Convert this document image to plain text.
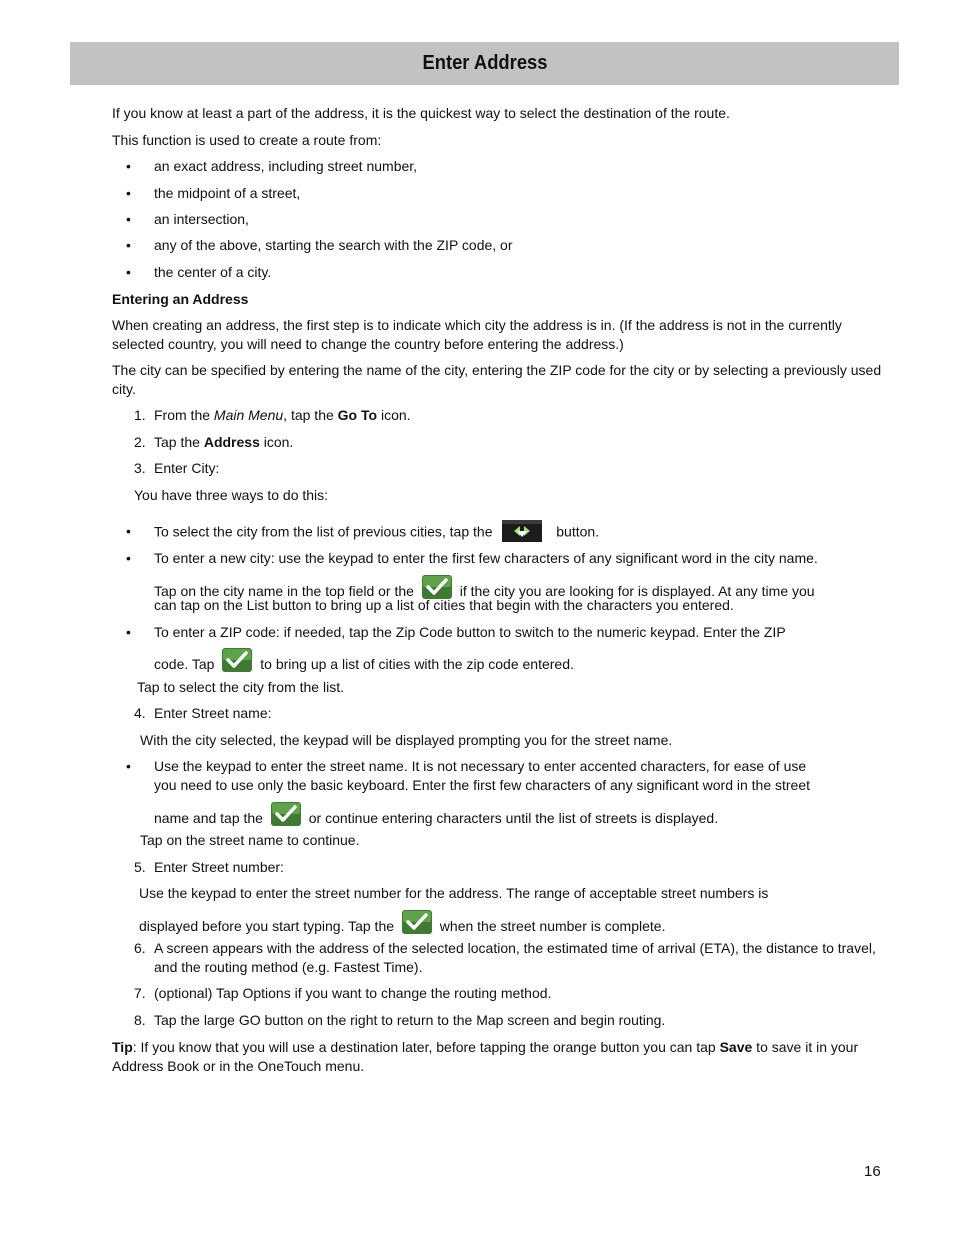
Enter Address
If you know at least a part of the address, it is the quickest way to select the destination of the route.
This function is used to create a route from:
• an exact address, including street number,
• the midpoint of a street,
• an intersection,
• any of the above, starting the search with the ZIP code, or
• the center of a city.
Entering an Address
When creating an address, the first step is to indicate which city the address is in. (If the address is not in the currently selected country, you will need to change the country before entering the address.)
The city can be specified by entering the name of the city, entering the ZIP code for the city or by selecting a previously used city.
1. From the Main Menu, tap the Go To icon.
2. Tap the Address icon.
3. Enter City:
You have three ways to do this:
• To select the city from the list of previous cities, tap the	button.
• To enter a new city: use the keypad to enter the first few characters of any significant word in the city name.
Tap on the city name in the top field or the	if the city you are looking for is displayed. At any time you
can tap on the List button to bring up a list of cities that begin with the characters you entered.
• To enter a ZIP code: if needed, tap the Zip Code button to switch to the numeric keypad. Enter the ZIP
code. Tap	to bring up a list of cities with the zip code entered.
Tap to select the city from the list.
4. Enter Street name:
With the city selected, the keypad will be displayed prompting you for the street name.
• Use the keypad to enter the street name. It is not necessary to enter accented characters, for ease of use
you need to use only the basic keyboard. Enter the first few characters of any significant word in the street
name and tap the	or continue entering characters until the list of streets is displayed.
Tap on the street name to continue.
5. Enter Street number:
Use the keypad to enter the street number for the address. The range of acceptable street numbers is
displayed before you start typing. Tap the	when the street number is complete.
6. A screen appears with the address of the selected location, the estimated time of arrival (ETA), the distance to travel, and the routing method (e.g. Fastest Time).
7. (optional) Tap Options if you want to change the routing method.
8. Tap the large GO button on the right to return to the Map screen and begin routing.
Tip: If you know that you will use a destination later, before tapping the orange button you can tap Save to save it in your Address Book or in the OneTouch menu.
16
